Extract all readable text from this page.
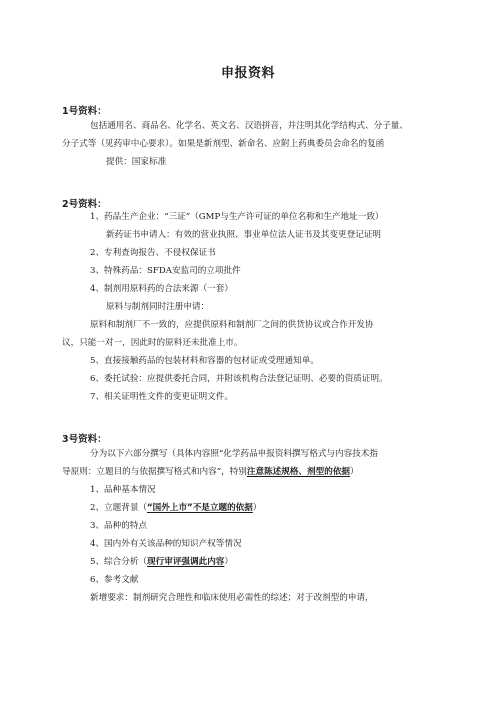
申报资料
1号资料：
包括通用名、商品名、化学名、英文名、汉语拼音，并注明其化学结构式、分子量、
分子式等（见药审中心要求）。如果是新剂型、新命名、应附上药典委员会命名的复函
提供：国家标准
2号资料：
1、药品生产企业：“三证”（GMP与生产许可证的单位名称和生产地址一致）
新药证书申请人：有效的营业执照、事业单位法人证书及其变更登记证明
2、专利查询报告、不侵权保证书
3、特殊药品：SFDA安监司的立项批件
4、制剂用原料药的合法来源（一套）
原料与制剂同时注册申请：
原料和制剂厂不一致的，应提供原料和制剂厂之间的供货协议或合作开发协
议，只能一对一，因此时的原料还未批准上市。
5、直接接触药品的包装材料和容器的包材证或受理通知单。
6、委托试验：应提供委托合同，并附该机构合法登记证明、必要的资质证明。
7、相关证明性文件的变更证明文件。
3号资料：
分为以下六部分撰写（具体内容照“化学药品申报资料撰写格式与内容技术指
导原则：立题目的与依据撰写格式和内容”，特别注意陈述规格、剂型的依据）
1、品种基本情况
2、立题背景（“国外上市”不是立题的依据）
3、品种的特点
4、国内外有关该品种的知识产权等情况
5、综合分析（现行审评强调此内容）
6、参考文献
新增要求：制剂研究合理性和临床使用必需性的综述；对于改剂型的申请，
